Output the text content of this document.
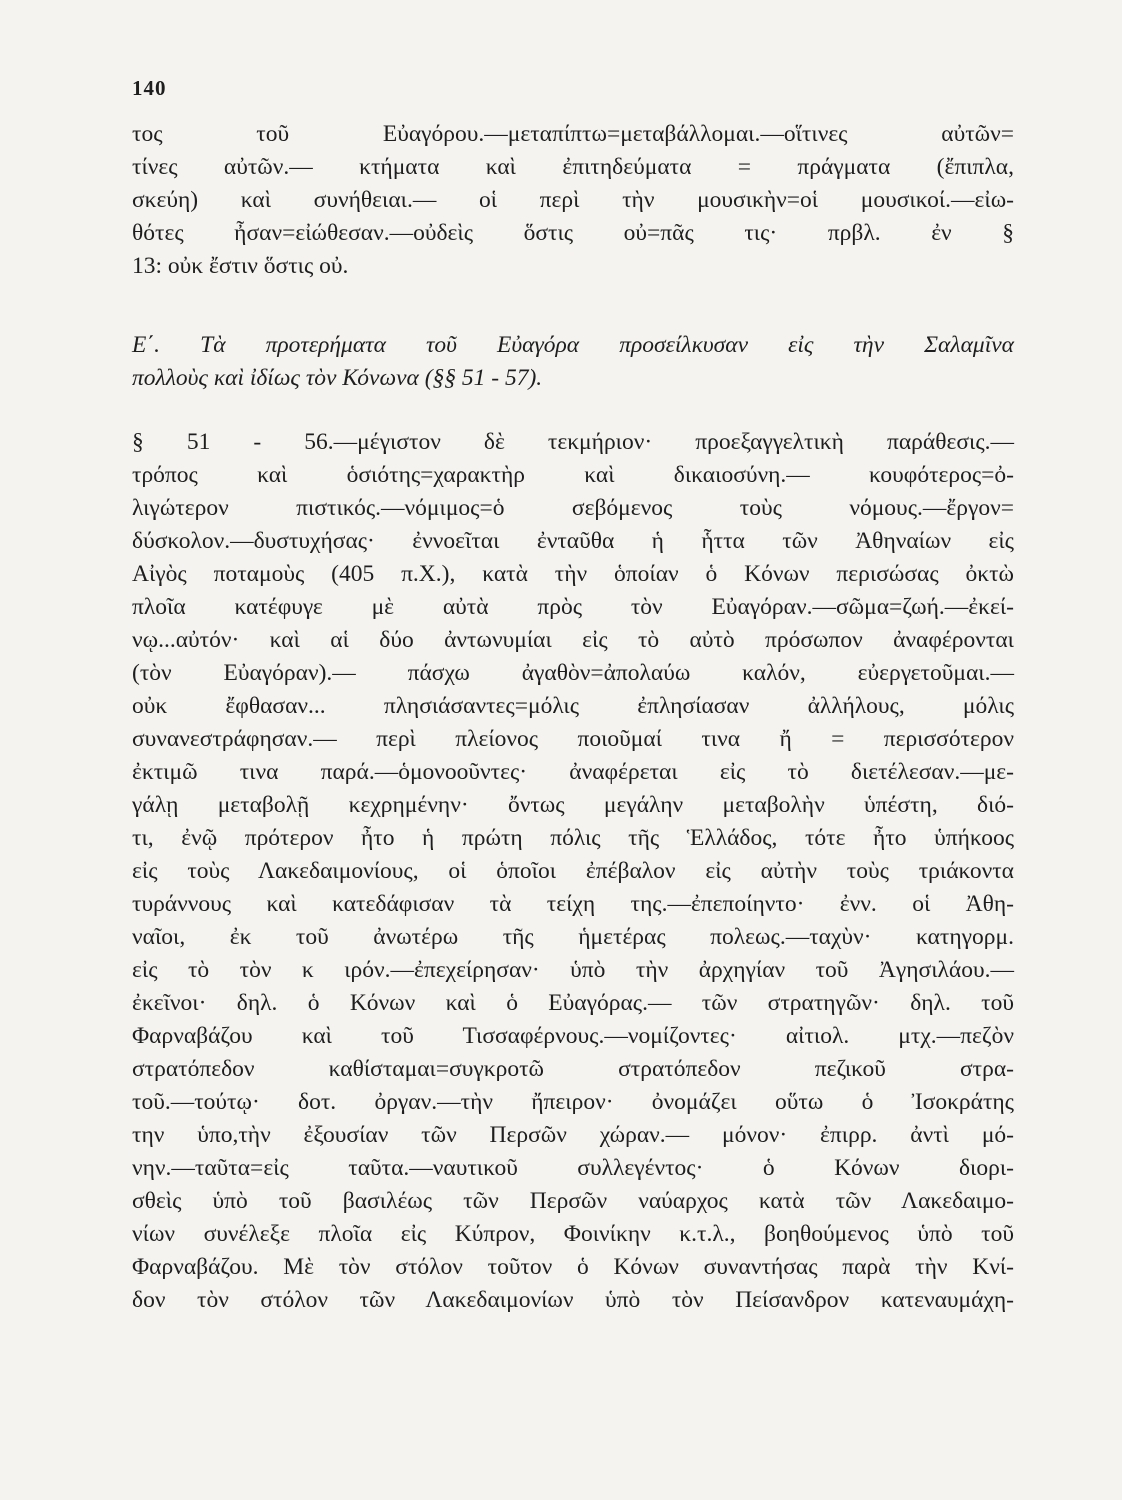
140
τος τοῦ Εὐαγόρου.—μεταπίπτω=μεταβάλλομαι.—οἵτινες αὐτῶν=
τίνες αὐτῶν.— κτήματα καὶ ἐπιτηδεύματα = πράγματα (ἔπιπλα,
σκεύη) καὶ συνήθειαι.— οἱ περὶ τὴν μουσικὴν=οἱ μουσικοί.—εἰω-
θότες ἦσαν=εἰώθεσαν.—οὐδεὶς ὅστις οὐ=πᾶς τις· πρβλ. ἐν §
13: οὐκ ἔστιν ὅστις οὐ.
Ε΄. Τὰ προτερήματα τοῦ Εὐαγόρα προσείλκυσαν εἰς τὴν Σαλαμῖνα
πολλοὺς καὶ ἰδίως τὸν Κόνωνα (§§ 51 - 57).
§ 51 - 56.—μέγιστον δὲ τεκμήριον· προεξαγγελτικὴ παράθεσις.—
τρόπος καὶ ὁσιότης=χαρακτὴρ καὶ δικαιοσύνη.— κουφότερος=ὀ-
λιγώτερον πιστικός.—νόμιμος=ὁ σεβόμενος τοὺς νόμους.—ἔργον=
δύσκολον.—δυστυχήσας· ἐννοεῖται ἐνταῦθα ἡ ἧττα τῶν Ἀθηναίων εἰς
Αἰγὸς ποταμοὺς (405 π.Χ.), κατὰ τὴν ὁποίαν ὁ Κόνων περισώσας ὀκτὼ
πλοῖα κατέφυγε μὲ αὐτὰ πρὸς τὸν Εὐαγόραν.—σῶμα=ζωή.—ἐκεί-
νῳ...αὐτόν· καὶ αἱ δύο ἀντωνυμίαι εἰς τὸ αὐτὸ πρόσωπον ἀναφέρονται
(τὸν Εὐαγόραν).— πάσχω ἀγαθὸν=ἀπολαύω καλόν, εὐεργετοῦμαι.—
οὐκ ἔφθασαν... πλησιάσαντες=μόλις ἐπλησίασαν ἀλλήλους, μόλις
συνανεστράφησαν.— περὶ πλείονος ποιοῦμαί τινα ἤ = περισσότερον
ἐκτιμῶ τινα παρά.—ὁμονοοῦντες· ἀναφέρεται εἰς τὸ διετέλεσαν.—με-
γάλῃ μεταβολῇ κεχρημένην· ὄντως μεγάλην μεταβολὴν ὑπέστη, διό-
τι, ἐνῷ πρότερον ἦτο ἡ πρώτη πόλις τῆς Ἑλλάδος, τότε ἦτο ὑπήκοος
εἰς τοὺς Λακεδαιμονίους, οἱ ὁποῖοι ἐπέβαλον εἰς αὐτὴν τοὺς τριάκοντα
τυράννους καὶ κατεδάφισαν τὰ τείχη της.—ἐπεποίηντο· ἐνν. οἱ Ἀθη-
ναῖοι, ἐκ τοῦ ἀνωτέρω τῆς ἡμετέρας πολεως.—ταχὺν· κατηγορμ.
εἰς τὸ τὸν κ ιρόν.—ἐπεχείρησαν· ὑπὸ τὴν ἀρχηγίαν τοῦ Ἀγησιλάου.—
ἐκεῖνοι· δηλ. ὁ Κόνων καὶ ὁ Εὐαγόρας.— τῶν στρατηγῶν· δηλ. τοῦ
Φαρναβάζου καὶ τοῦ Τισσαφέρνους.—νομίζοντες· αἰτιολ. μτχ.—πεζὸν
στρατόπεδον καθίσταμαι=συγκροτῶ στρατόπεδον πεζικοῦ στρα-
τοῦ.—τούτῳ· δοτ. ὀργαν.—τὴν ἤπειρον· ὀνομάζει οὕτω ὁ Ἰσοκράτης
την ὑπο,τὴν ἐξουσίαν τῶν Περσῶν χώραν.— μόνον· ἐπιρρ. ἀντὶ μό-
νην.—ταῦτα=εἰς ταῦτα.—ναυτικοῦ συλλεγέντος· ὁ Κόνων διορι-
σθεὶς ὑπὸ τοῦ βασιλέως τῶν Περσῶν ναύαρχος κατὰ τῶν Λακεδαιμο-
νίων συνέλεξε πλοῖα εἰς Κύπρον, Φοινίκην κ.τ.λ., βοηθούμενος ὑπὸ τοῦ
Φαρναβάζου. Μὲ τὸν στόλον τοῦτον ὁ Κόνων συναντήσας παρὰ τὴν Κνί-
δον τὸν στόλον τῶν Λακεδαιμονίων ὑπὸ τὸν Πείσανδρον κατεναυμάχη-
